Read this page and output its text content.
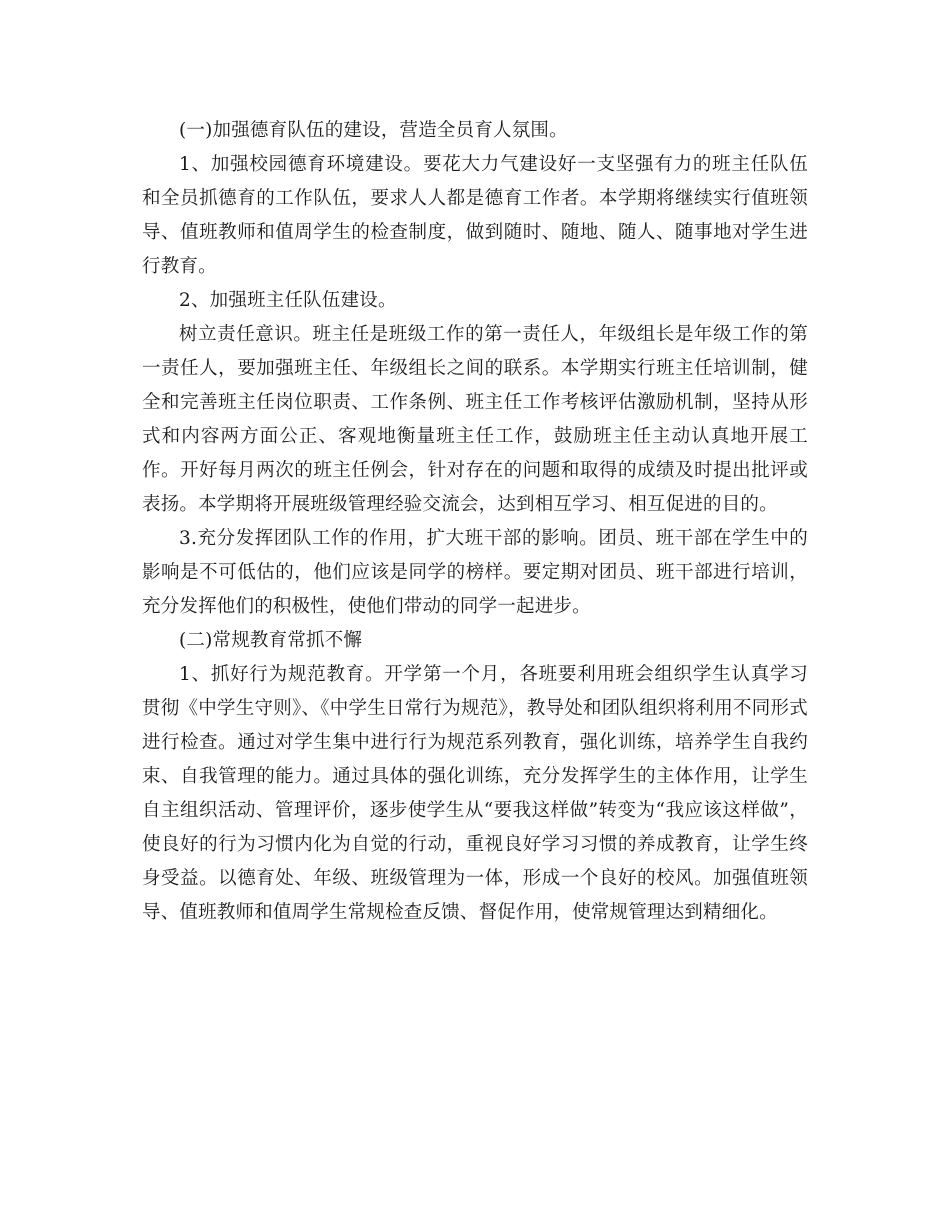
(一)加强德育队伍的建设，营造全员育人氛围。

1、加强校园德育环境建设。要花大力气建设好一支坚强有力的班主任队伍和全员抓德育的工作队伍，要求人人都是德育工作者。本学期将继续实行值班领导、值班教师和值周学生的检查制度，做到随时、随地、随人、随事地对学生进行教育。

2、加强班主任队伍建设。

树立责任意识。班主任是班级工作的第一责任人，年级组长是年级工作的第一责任人，要加强班主任、年级组长之间的联系。本学期实行班主任培训制，健全和完善班主任岗位职责、工作条例、班主任工作考核评估激励机制，坚持从形式和内容两方面公正、客观地衡量班主任工作，鼓励班主任主动认真地开展工作。开好每月两次的班主任例会，针对存在的问题和取得的成绩及时提出批评或表扬。本学期将开展班级管理经验交流会，达到相互学习、相互促进的目的。

3.充分发挥团队工作的作用，扩大班干部的影响。团员、班干部在学生中的影响是不可低估的，他们应该是同学的榜样。要定期对团员、班干部进行培训，充分发挥他们的积极性，使他们带动的同学一起进步。

(二)常规教育常抓不懈

1、抓好行为规范教育。开学第一个月，各班要利用班会组织学生认真学习贯彻《中学生守则》、《中学生日常行为规范》，教导处和团队组织将利用不同形式进行检查。通过对学生集中进行行为规范系列教育，强化训练，培养学生自我约束、自我管理的能力。通过具体的强化训练，充分发挥学生的主体作用，让学生自主组织活动、管理评价，逐步使学生从“要我这样做”转变为“我应该这样做”，使良好的行为习惯内化为自觉的行动，重视良好学习习惯的养成教育，让学生终身受益。以德育处、年级、班级管理为一体，形成一个良好的校风。加强值班领导、值班教师和值周学生常规检查反馈、督促作用，使常规管理达到精细化。
